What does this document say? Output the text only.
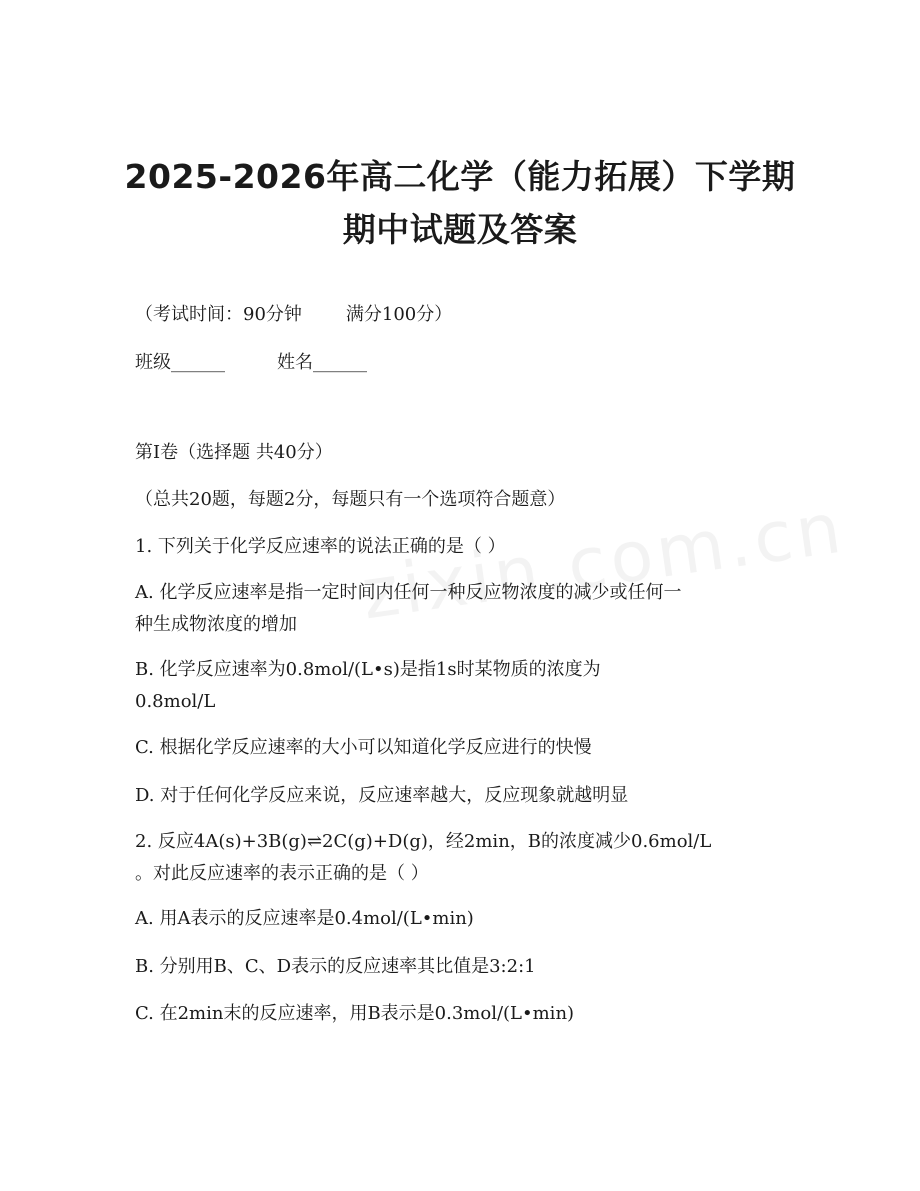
2025-2026年高二化学（能力拓展）下学期
期中试题及答案
（考试时间：90分钟 满分100分）
班级______	姓名______
第I卷（选择题 共40分）
（总共20题，每题2分，每题只有一个选项符合题意）
1. 下列关于化学反应速率的说法正确的是（ ）
A. 化学反应速率是指一定时间内任何一种反应物浓度的减少或任何一
种生成物浓度的增加
B. 化学反应速率为0.8mol/(L•s)是指1s时某物质的浓度为
0.8mol/L
C. 根据化学反应速率的大小可以知道化学反应进行的快慢
D. 对于任何化学反应来说，反应速率越大，反应现象就越明显
2. 反应4A(s)+3B(g)⇌2C(g)+D(g)，经2min，B的浓度减少0.6mol/L
。对此反应速率的表示正确的是（ ）
A. 用A表示的反应速率是0.4mol/(L•min)
B. 分别用B、C、D表示的反应速率其比值是3:2:1
C. 在2min末的反应速率，用B表示是0.3mol/(L•min)
